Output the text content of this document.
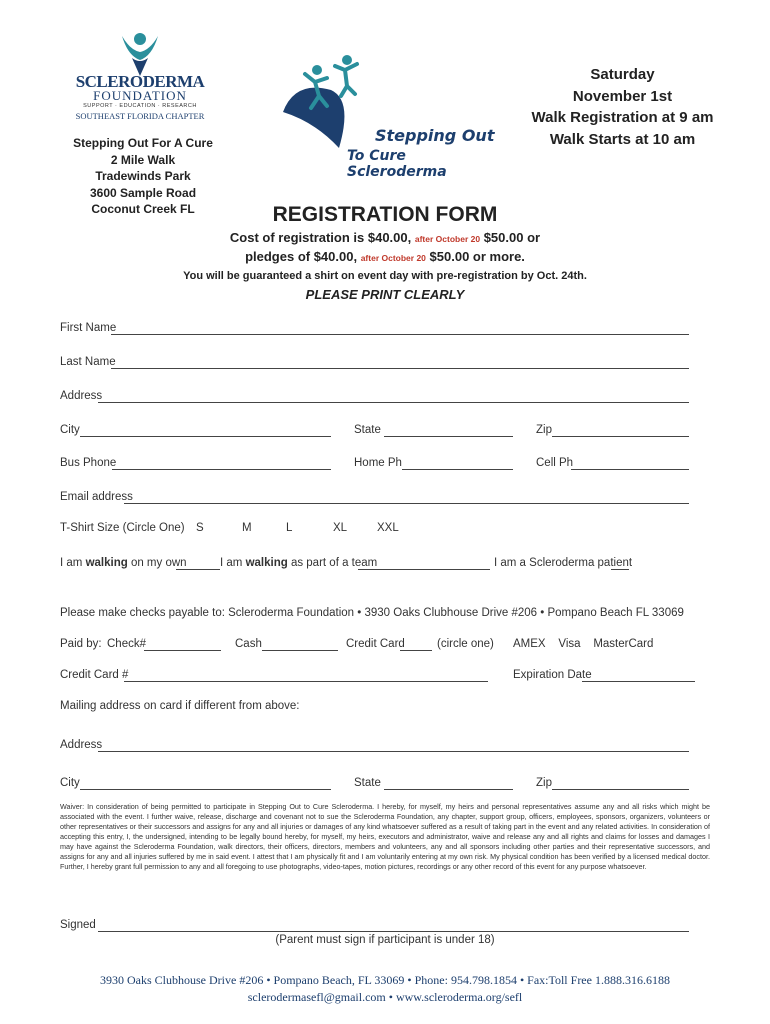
SCLERODERMA
FOUNDATION
SUPPORT · EDUCATION · RESEARCH
SOUTHEAST FLORIDA CHAPTER
Stepping Out For A Cure
2 Mile Walk
Tradewinds Park
3600 Sample Road
Coconut Creek FL
Stepping Out
To Cure Scleroderma
Saturday
November 1st
Walk Registration at 9 am
Walk Starts at 10 am
REGISTRATION FORM
Cost of registration is $40.00, after October 20 $50.00 or
pledges of $40.00, after October 20 $50.00 or more.
You will be guaranteed a shirt on event day with pre-registration by Oct. 24th.
PLEASE PRINT CLEARLY
First Name
Last Name
Address
City	State	Zip
Bus Phone	Home Ph	Cell Ph
Email address
T-Shirt Size (Circle One) S	M	L	XL	XXL
I am walking on my own	I am walking as part of a team	I am a Scleroderma patient
Please make checks payable to: Scleroderma Foundation • 3930 Oaks Clubhouse Drive #206 • Pompano Beach FL 33069
Paid by: Check#	Cash	Credit Card	(circle one) AMEX    Visa    MasterCard
Credit Card #	Expiration Date
Mailing address on card if different from above:
Address
City	State	Zip
Waiver: In consideration of being permitted to participate in Stepping Out to Cure Scleroderma. I hereby, for myself, my heirs and personal representatives assume any and all risks which might be associated with the event. I further waive, release, discharge and covenant not to sue the Scleroderma Foundation, any chapter, support group, officers, employees, sponsors, organizers, volunteers or other representatives or their successors and assigns for any and all injuries or damages of any kind whatsoever suffered as a result of taking part in the event and any related activities. In consideration of accepting this entry, I, the undersigned, intending to be legally bound hereby, for myself, my heirs, executors and administrator, waive and release any and all rights and claims for losses and damages I may have against the Scleroderma Foundation, walk directors, their officers, directors, members and volunteers, any and all sponsors including other parties and their representative successors, and assigns for any and all injuries suffered by me in said event. I attest that I am physically fit and I am voluntarily entering at my own risk. My physical condition has been verified by a licensed medical doctor. Further, I hereby grant full permission to any and all foregoing to use photographs, video-tapes, motion pictures, recordings or any other record of this event for any purpose whatsoever.
Signed
(Parent must sign if participant is under 18)
3930 Oaks Clubhouse Drive #206 • Pompano Beach, FL 33069 • Phone: 954.798.1854 • Fax:Toll Free 1.888.316.6188
sclerodermasefl@gmail.com • www.scleroderma.org/sefl
